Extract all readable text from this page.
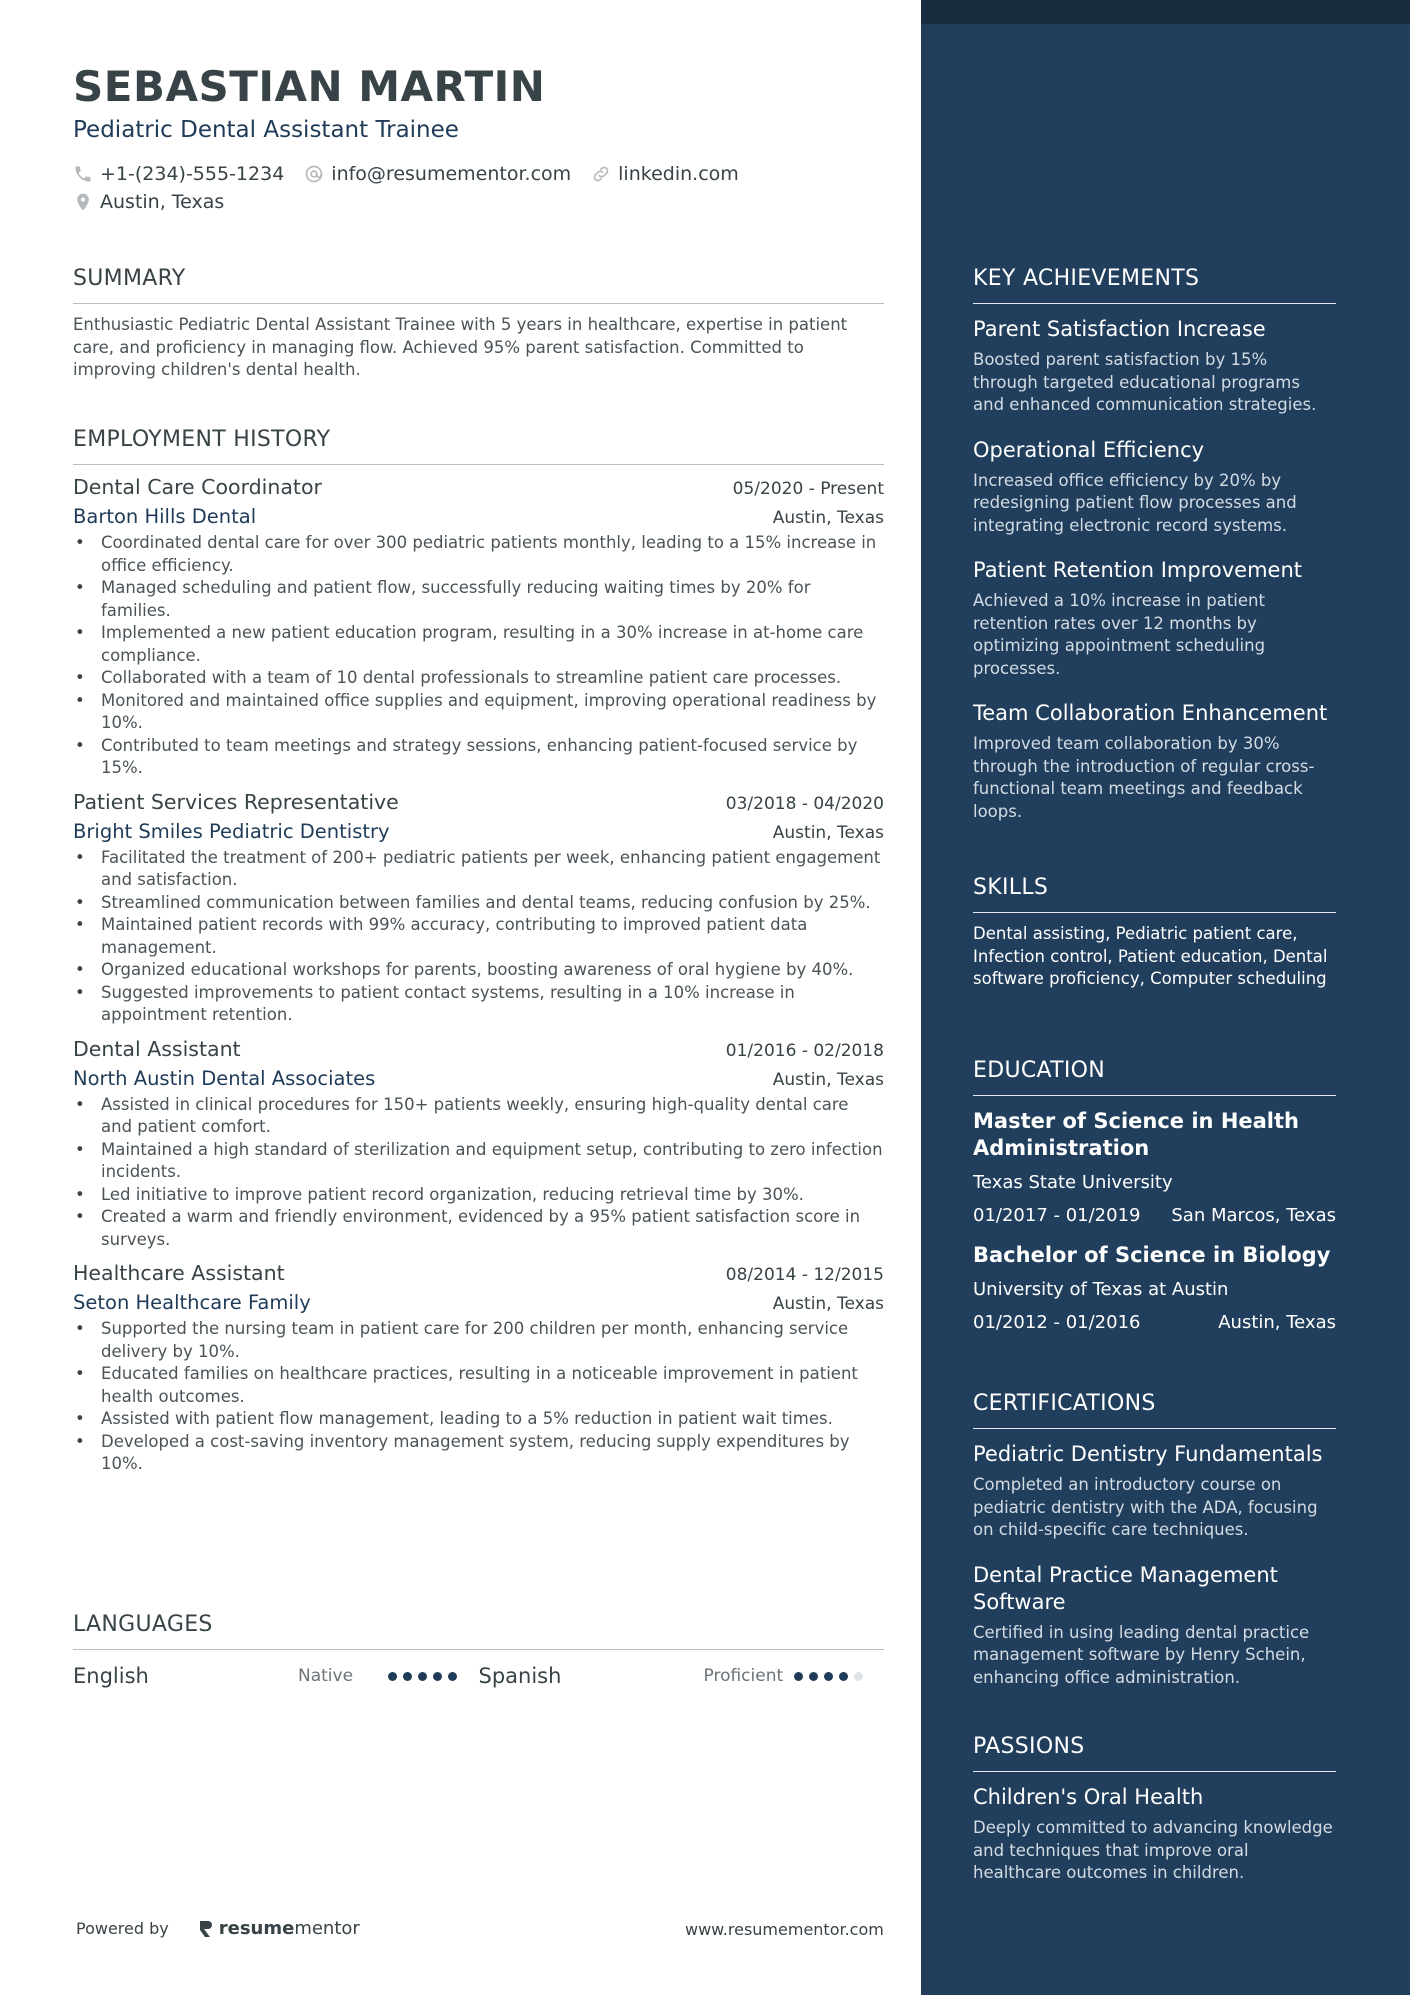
SEBASTIAN MARTIN
Pediatric Dental Assistant Trainee
+1-(234)-555-1234 info@resumementor.com linkedin.com
Austin, Texas
SUMMARY
Enthusiastic Pediatric Dental Assistant Trainee with 5 years in healthcare, expertise in patient care, and proficiency in managing flow. Achieved 95% parent satisfaction. Committed to improving children's dental health.
EMPLOYMENT HISTORY
Dental Care Coordinator	05/2020 - Present
Barton Hills Dental	Austin, Texas
• Coordinated dental care for over 300 pediatric patients monthly, leading to a 15% increase in office efficiency.
• Managed scheduling and patient flow, successfully reducing waiting times by 20% for families.
• Implemented a new patient education program, resulting in a 30% increase in at-home care compliance.
• Collaborated with a team of 10 dental professionals to streamline patient care processes.
• Monitored and maintained office supplies and equipment, improving operational readiness by 10%.
• Contributed to team meetings and strategy sessions, enhancing patient-focused service by 15%.
Patient Services Representative	03/2018 - 04/2020
Bright Smiles Pediatric Dentistry	Austin, Texas
• Facilitated the treatment of 200+ pediatric patients per week, enhancing patient engagement and satisfaction.
• Streamlined communication between families and dental teams, reducing confusion by 25%.
• Maintained patient records with 99% accuracy, contributing to improved patient data management.
• Organized educational workshops for parents, boosting awareness of oral hygiene by 40%.
• Suggested improvements to patient contact systems, resulting in a 10% increase in appointment retention.
Dental Assistant	01/2016 - 02/2018
North Austin Dental Associates	Austin, Texas
• Assisted in clinical procedures for 150+ patients weekly, ensuring high-quality dental care and patient comfort.
• Maintained a high standard of sterilization and equipment setup, contributing to zero infection incidents.
• Led initiative to improve patient record organization, reducing retrieval time by 30%.
• Created a warm and friendly environment, evidenced by a 95% patient satisfaction score in surveys.
Healthcare Assistant	08/2014 - 12/2015
Seton Healthcare Family	Austin, Texas
• Supported the nursing team in patient care for 200 children per month, enhancing service delivery by 10%.
• Educated families on healthcare practices, resulting in a noticeable improvement in patient health outcomes.
• Assisted with patient flow management, leading to a 5% reduction in patient wait times.
• Developed a cost-saving inventory management system, reducing supply expenditures by 10%.
LANGUAGES
English	Native	Spanish	Proficient
Powered by	resume mentor	www.resumementor.com
KEY ACHIEVEMENTS
Parent Satisfaction Increase
Boosted parent satisfaction by 15% through targeted educational programs and enhanced communication strategies.
Operational Efficiency
Increased office efficiency by 20% by redesigning patient flow processes and integrating electronic record systems.
Patient Retention Improvement
Achieved a 10% increase in patient retention rates over 12 months by optimizing appointment scheduling processes.
Team Collaboration Enhancement
Improved team collaboration by 30% through the introduction of regular cross-functional team meetings and feedback loops.
SKILLS
Dental assisting, Pediatric patient care, Infection control, Patient education, Dental software proficiency, Computer scheduling
EDUCATION
Master of Science in Health Administration
Texas State University
01/2017 - 01/2019 San Marcos, Texas
Bachelor of Science in Biology
University of Texas at Austin
01/2012 - 01/2016	Austin, Texas
CERTIFICATIONS
Pediatric Dentistry Fundamentals
Completed an introductory course on pediatric dentistry with the ADA, focusing on child-specific care techniques.
Dental Practice Management Software
Certified in using leading dental practice management software by Henry Schein, enhancing office administration.
PASSIONS
Children's Oral Health
Deeply committed to advancing knowledge and techniques that improve oral healthcare outcomes in children.
